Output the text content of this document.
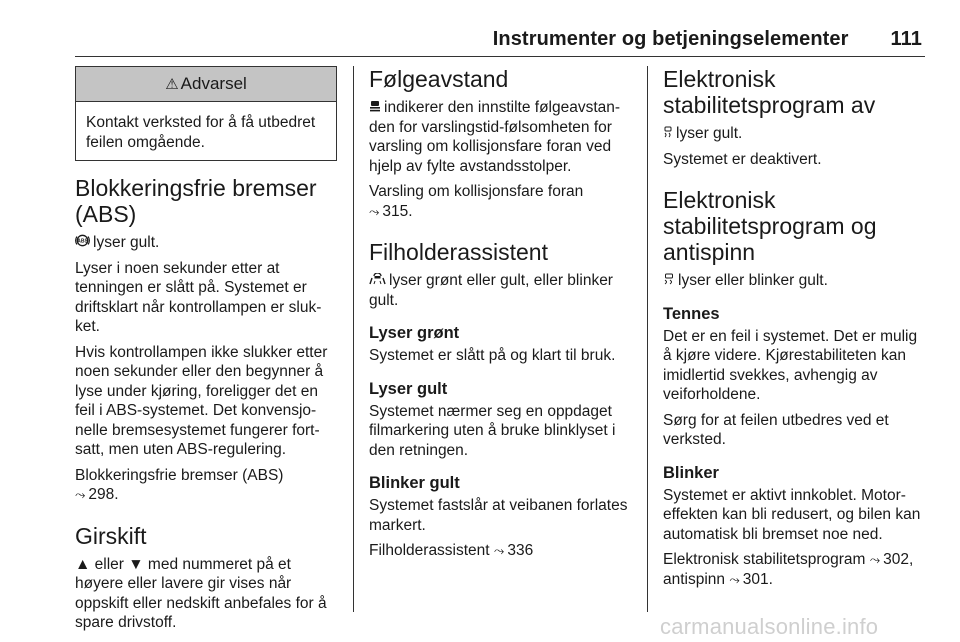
Instrumenter og betjeningselementer 111
⚠ Advarsel
Kontakt verksted for å få utbedret feilen omgående.
Blokkeringsfrie bremser (ABS)

ABS lyser gult.

Lyser i noen sekunder etter at tenningen er slått på. Systemet er driftsklart når kontrollampen er sluk-ket.

Hvis kontrollampen ikke slukker etter noen sekunder eller den begynner å lyse under kjøring, foreligger det en feil i ABS-systemet. Det konvensjo-nelle bremsesystemet fungerer fort-satt, men uten ABS-regulering.

Blokkeringsfrie bremser (ABS)
⤳ 298.

Girskift

▲ eller ▼ med nummeret på et høyere eller lavere gir vises når oppskift eller nedskift anbefales for å spare drivstoff.

Følgeavstand

indikerer den innstilte følgeavstan-den for varslingstid-følsomheten for varsling om kollisjonsfare foran ved hjelp av fylte avstandsstolper.

Varsling om kollisjonsfare foran
⤳ 315.

Filholderassistent

lyser grønt eller gult, eller blinker gult.

Lyser grønt

Systemet er slått på og klart til bruk.

Lyser gult

Systemet nærmer seg en oppdaget filmarkering uten å bruke blinklyset i den retningen.

Blinker gult

Systemet fastslår at veibanen forlates markert.

Filholderassistent ⤳ 336

Elektronisk stabilitetsprogram av

lyser gult.

Systemet er deaktivert.

Elektronisk stabilitetsprogram og antispinn

lyser eller blinker gult.

Tennes

Det er en feil i systemet. Det er mulig å kjøre videre. Kjørestabiliteten kan imidlertid svekkes, avhengig av veiforholdene.

Sørg for at feilen utbedres ved et verksted.

Blinker

Systemet er aktivt innkoblet. Motor-effekten kan bli redusert, og bilen kan automatisk bli bremset noe ned.

Elektronisk stabilitetsprogram ⤳ 302,
antispinn ⤳ 301.

carmanualsonline.info
